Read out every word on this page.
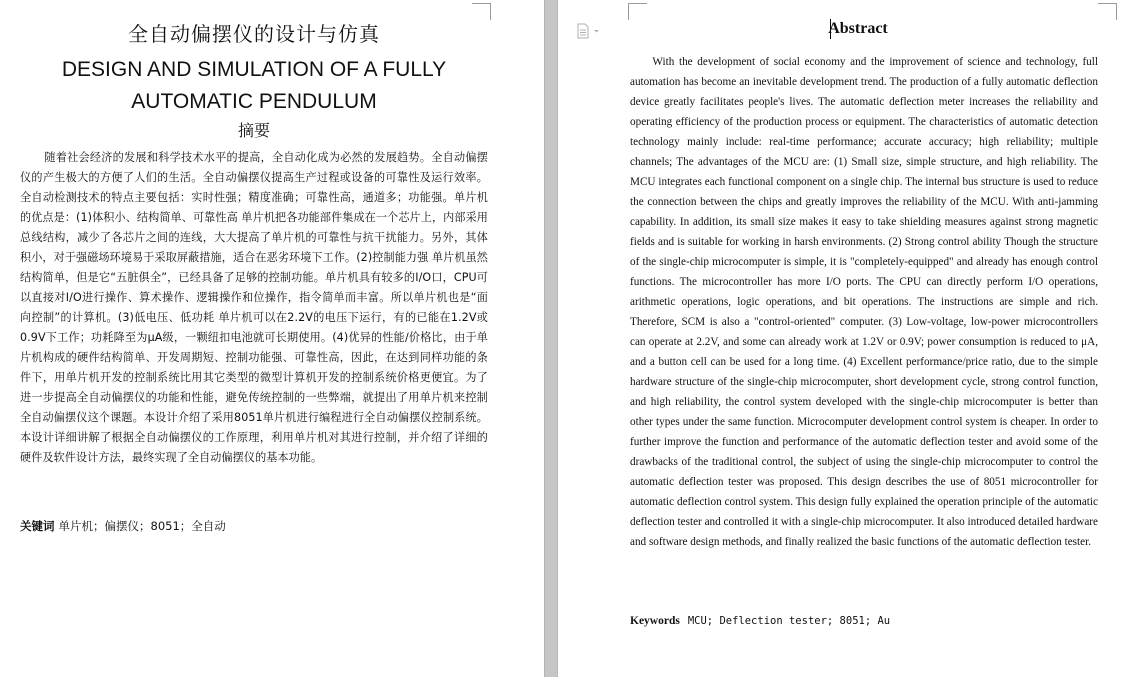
全自动偏摆仪的设计与仿真
DESIGN AND SIMULATION OF A FULLY
AUTOMATIC PENDULUM
摘要
随着社会经济的发展和科学技术水平的提高，全自动化成为必然的发展趋势。全自动偏摆仪的产生极大的方便了人们的生活。全自动偏摆仪提高生产过程或设备的可靠性及运行效率。全自动检测技术的特点主要包括：实时性强；精度准确；可靠性高，通道多；功能强。单片机的优点是：(1)体积小、结构简单、可靠性高 单片机把各功能部件集成在一个芯片上，内部采用总线结构，减少了各芯片之间的连线，大大提高了单片机的可靠性与抗干扰能力。另外，其体积小，对于强磁场环境易于采取屏蔽措施，适合在恶劣环境下工作。(2)控制能力强 单片机虽然结构简单，但是它“五脏俱全”，已经具备了足够的控制功能。单片机具有较多的I/O口，CPU可以直接对I/O进行操作、算术操作、逻辑操作和位操作，指令简单而丰富。所以单片机也是“面向控制”的计算机。(3)低电压、低功耗 单片机可以在2.2V的电压下运行，有的已能在1.2V或0.9V下工作；功耗降至为μA级，一颗纽扣电池就可长期使用。(4)优异的性能/价格比，由于单片机构成的硬件结构简单、开发周期短、控制功能强、可靠性高，因此，在达到同样功能的条件下，用单片机开发的控制系统比用其它类型的微型计算机开发的控制系统价格更便宜。为了进一步提高全自动偏摆仪的功能和性能，避免传统控制的一些弊端，就提出了用单片机来控制全自动偏摆仪这个课题。本设计介绍了采用8051单片机进行编程进行全自动偏摆仪控制系统。本设计详细讲解了根据全自动偏摆仪的工作原理，利用单片机对其进行控制，并介绍了详细的硬件及软件设计方法，最终实现了全自动偏摆仪的基本功能。
关键词 单片机；偏摆仪；8051；全自动
Abstract
With the development of social economy and the improvement of science and technology, full automation has become an inevitable development trend. The production of a fully automatic deflection device greatly facilitates people's lives. The automatic deflection meter increases the reliability and operating efficiency of the production process or equipment. The characteristics of automatic detection technology mainly include: real-time performance; accurate accuracy; high reliability; multiple channels; The advantages of the MCU are: (1) Small size, simple structure, and high reliability. The MCU integrates each functional component on a single chip. The internal bus structure is used to reduce the connection between the chips and greatly improves the reliability of the MCU. With anti-jamming capability. In addition, its small size makes it easy to take shielding measures against strong magnetic fields and is suitable for working in harsh environments. (2) Strong control ability Though the structure of the single-chip microcomputer is simple, it is "completely-equipped" and already has enough control functions. The microcontroller has more I/O ports. The CPU can directly perform I/O operations, arithmetic operations, logic operations, and bit operations. The instructions are simple and rich. Therefore, SCM is also a "control-oriented" computer. (3) Low-voltage, low-power microcontrollers can operate at 2.2V, and some can already work at 1.2V or 0.9V; power consumption is reduced to μA, and a button cell can be used for a long time. (4) Excellent performance/price ratio, due to the simple hardware structure of the single-chip microcomputer, short development cycle, strong control function, and high reliability, the control system developed with the single-chip microcomputer is better than other types under the same function. Microcomputer development control system is cheaper. In order to further improve the function and performance of the automatic deflection tester and avoid some of the drawbacks of the traditional control, the subject of using the single-chip microcomputer to control the automatic deflection tester was proposed. This design describes the use of 8051 microcontroller for automatic deflection control system. This design fully explained the operation principle of the automatic deflection tester and controlled it with a single-chip microcomputer. It also introduced detailed hardware and software design methods, and finally realized the basic functions of the automatic deflection tester.
Keywords MCU; Deflection tester; 8051; Au
